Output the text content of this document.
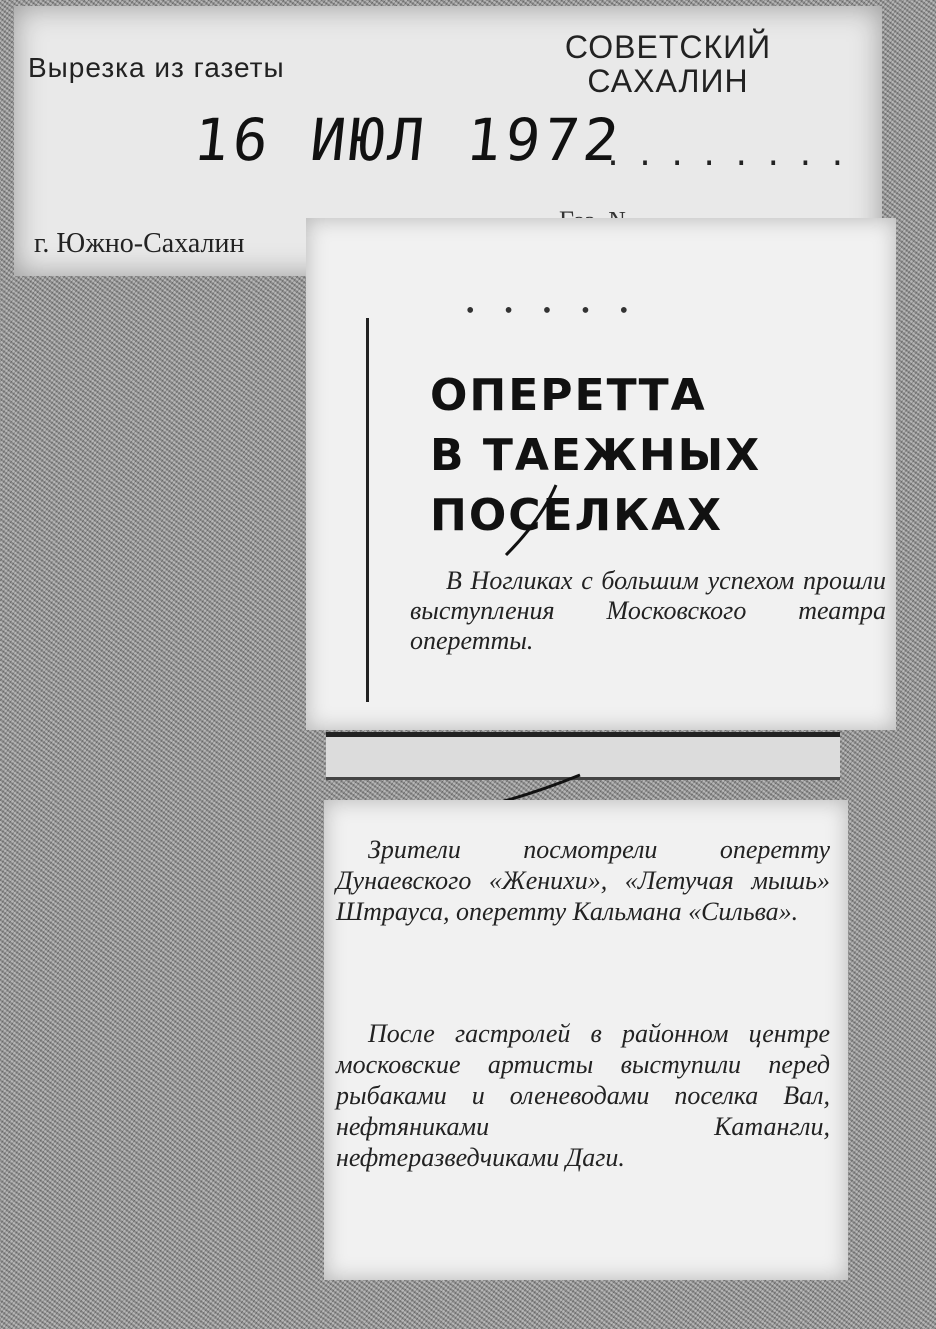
Вырезка из газеты
СОВЕТСКИЙ САХАЛИН
16 ИЮЛ 1972
........
г. Южно-Сахалин
• • • • •
ОПЕРЕТТА
В ТАЕЖНЫХ
ПОСЕЛКАХ
В Ногликах с большим успехом прошли выступления Московского театра оперетты.
Зрители посмотрели оперетту Дунаевского «Женихи», «Летучая мышь» Штрауса, оперетту Кальмана «Сильва».
После гастролей в районном центре московские артисты выступили перед рыбаками и оленеводами поселка Вал, нефтяниками Катангли, нефтеразведчиками Даги.
